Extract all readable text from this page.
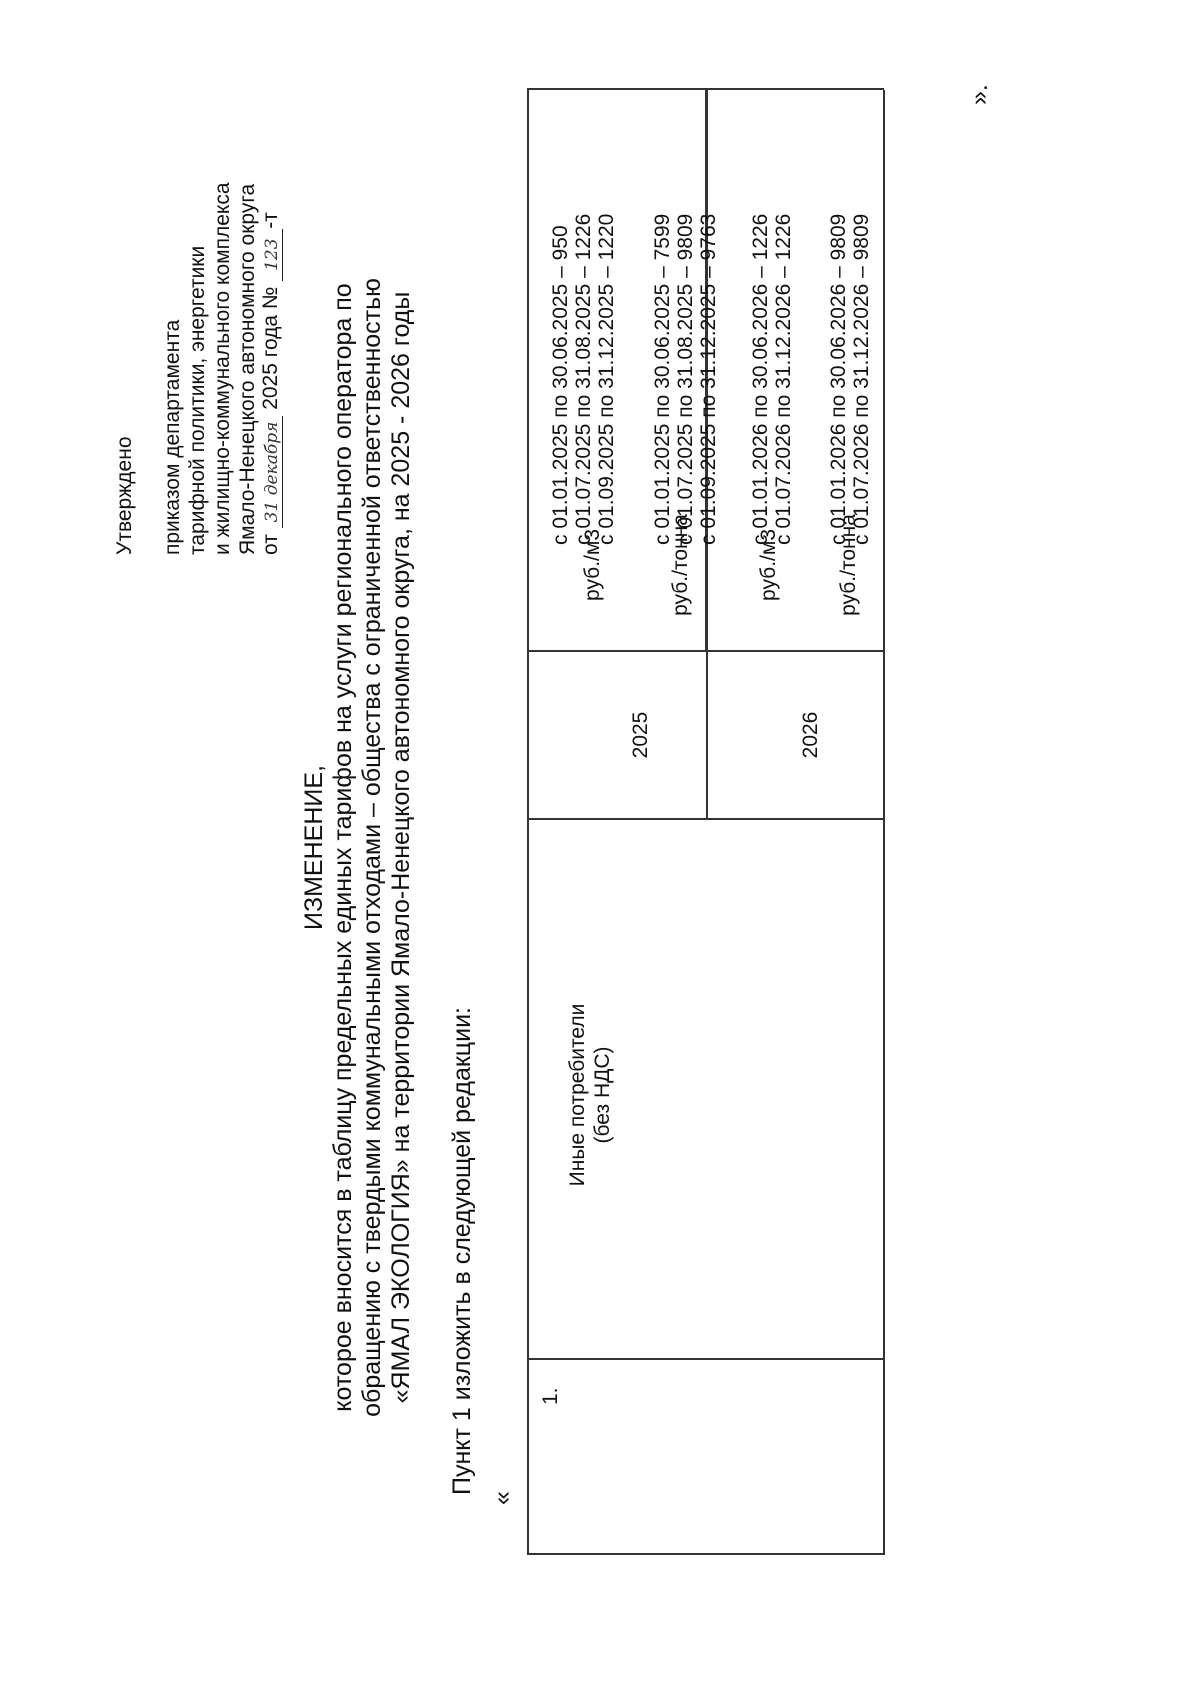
Утверждено приказом департамента тарифной политики, энергетики и жилищно-коммунального комплекса Ямало-Ненецкого автономного округа от 31 декабря 2025 года № 123-т
ИЗМЕНЕНИЕ, которое вносится в таблицу предельных единых тарифов на услуги регионального оператора по обращению с твердыми коммунальными отходами – обществa с ограниченной ответственностью «ЯМАЛ ЭКОЛОГИЯ» на территории Ямало-Ненецкого автономного округа, на 2025 - 2026 годы Пункт 1 изложить в следующей редакции:
«
1.
Иные потребители (без НДС)
2025
руб./м3	руб./тонна
с 01.01.2025 по 30.06.2025 – 950 с 01.07.2025 по 31.08.2025 – 1226 с 01.09.2025 по 31.12.2025 – 1220 с 01.01.2025 по 30.06.2025 – 7599 с 01.07.2025 по 31.08.2025 – 9809 с 01.09.2025 по 31.12.2025 – 9763
2026
руб./м3	руб./тонна
с 01.01.2026 по 30.06.2026 – 1226 с 01.07.2026 по 31.12.2026 – 1226 с 01.01.2026 по 30.06.2026 – 9809 с 01.07.2026 по 31.12.2026 – 9809
».
